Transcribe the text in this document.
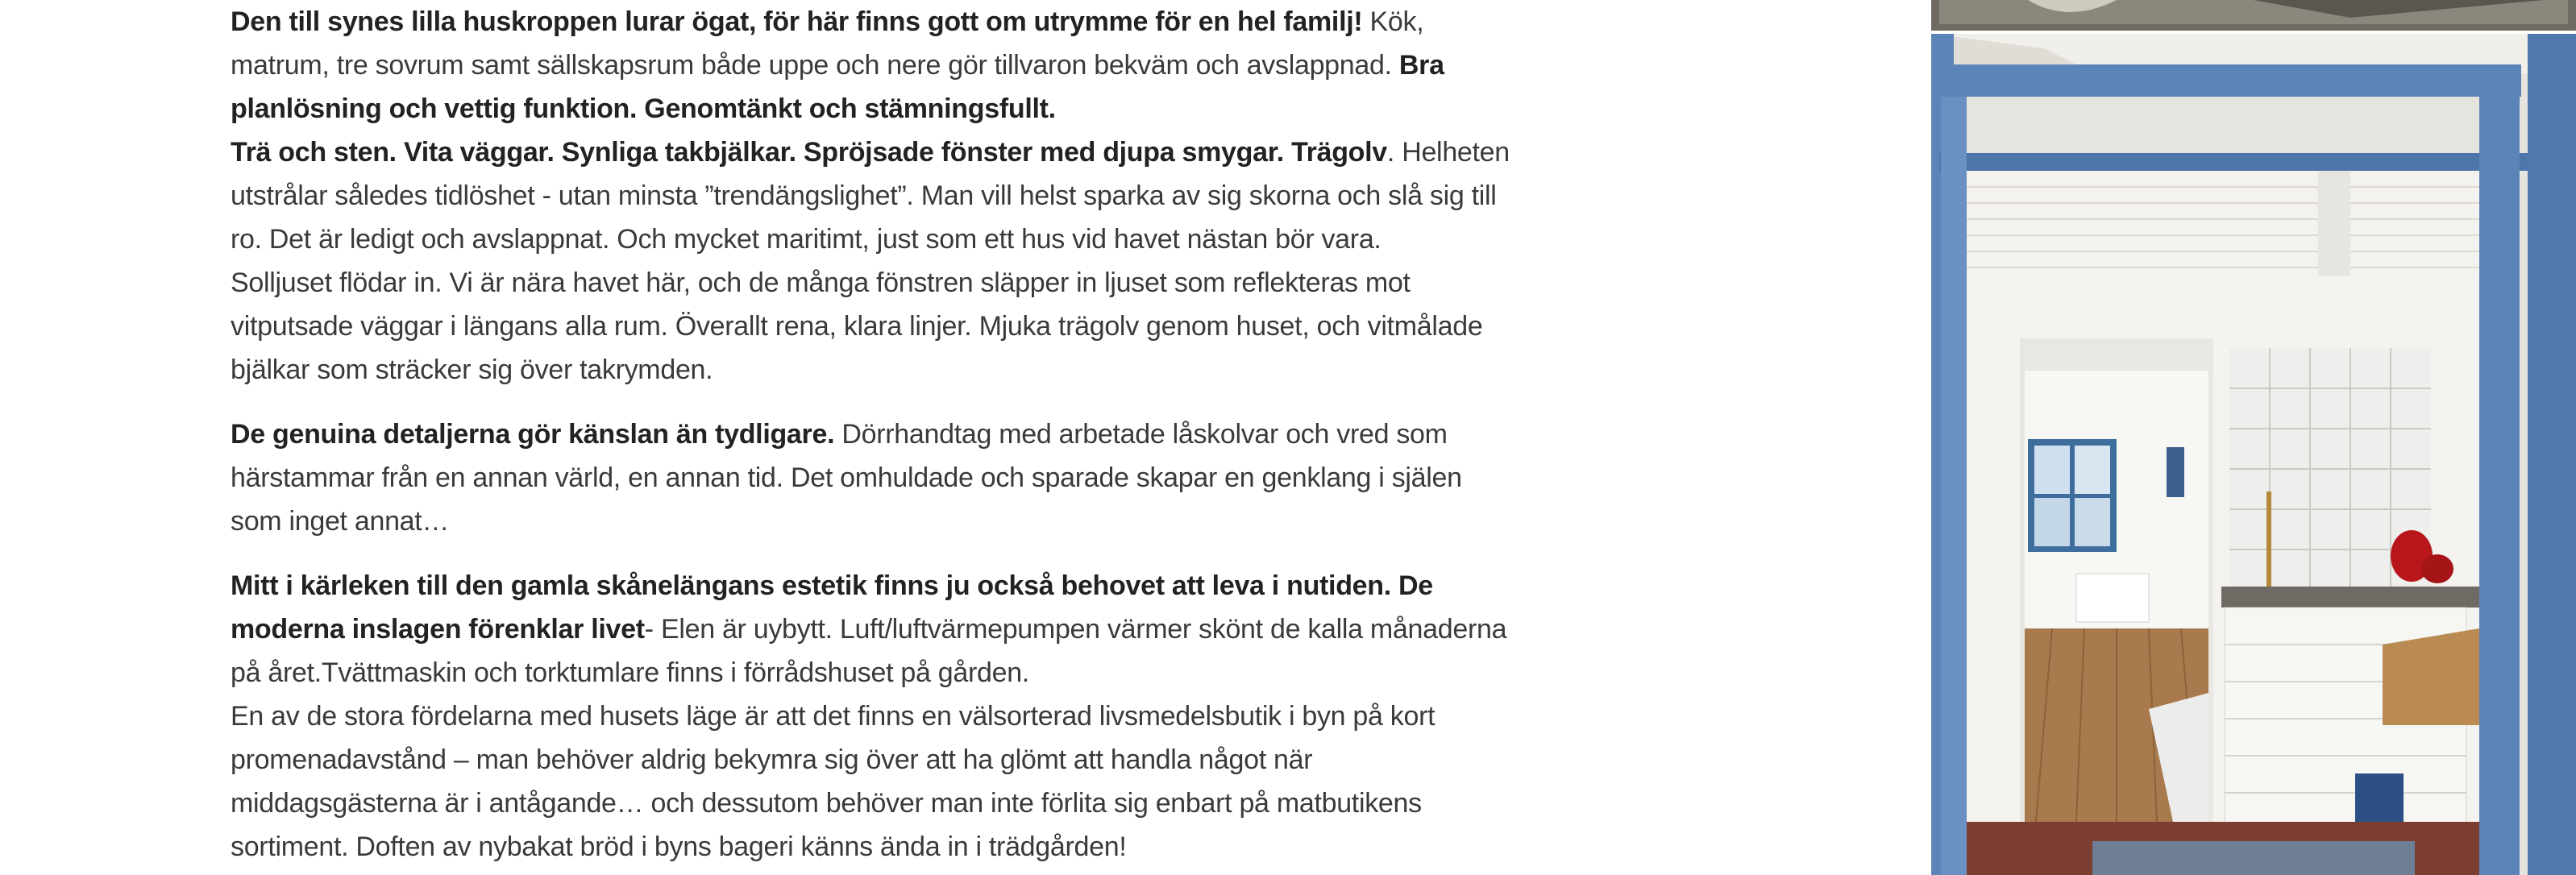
Den till synes lilla huskroppen lurar ögat, för här finns gott om utrymme för en hel familj! Kök, matrum, tre sovrum samt sällskapsrum både uppe och nere gör tillvaron bekväm och avslappnad. Bra planlösning och vettig funktion. Genomtänkt och stämningsfullt.

Trä och sten. Vita väggar. Synliga takbjälkar. Spröjsade fönster med djupa smygar. Trägolv. Helheten utstrålar således tidlöshet - utan minsta ”trendängslighet”. Man vill helst sparka av sig skorna och slå sig till ro. Det är ledigt och avslappnat. Och mycket maritimt, just som ett hus vid havet nästan bör vara.

Solljuset flödar in. Vi är nära havet här, och de många fönstren släpper in ljuset som reflekteras mot vitputsade väggar i längans alla rum. Överallt rena, klara linjer. Mjuka trägolv genom huset, och vitmålade bjälkar som sträcker sig över takrymden.

De genuina detaljerna gör känslan än tydligare. Dörrhandtag med arbetade låskolvar och vred som härstammar från en annan värld, en annan tid. Det omhuldade och sparade skapar en genklang i själen som inget annat…

Mitt i kärleken till den gamla skånelängans estetik finns ju också behovet att leva i nutiden. De moderna inslagen förenklar livet- Elen är uybytt. Luft/luftvärmepumpen värmer skönt de kalla månaderna på året.Tvättmaskin och torktumlare finns i förrådshuset på gården.

En av de stora fördelarna med husets läge är att det finns en välsorterad livsmedelsbutik i byn på kort promenadavstånd – man behöver aldrig bekymra sig över att ha glömt att handla något när middagsgästerna är i antågande… och dessutom behöver man inte förlita sig enbart på matbutikens sortiment. Doften av nybakat bröd i byns bageri känns ända in i trädgården!
